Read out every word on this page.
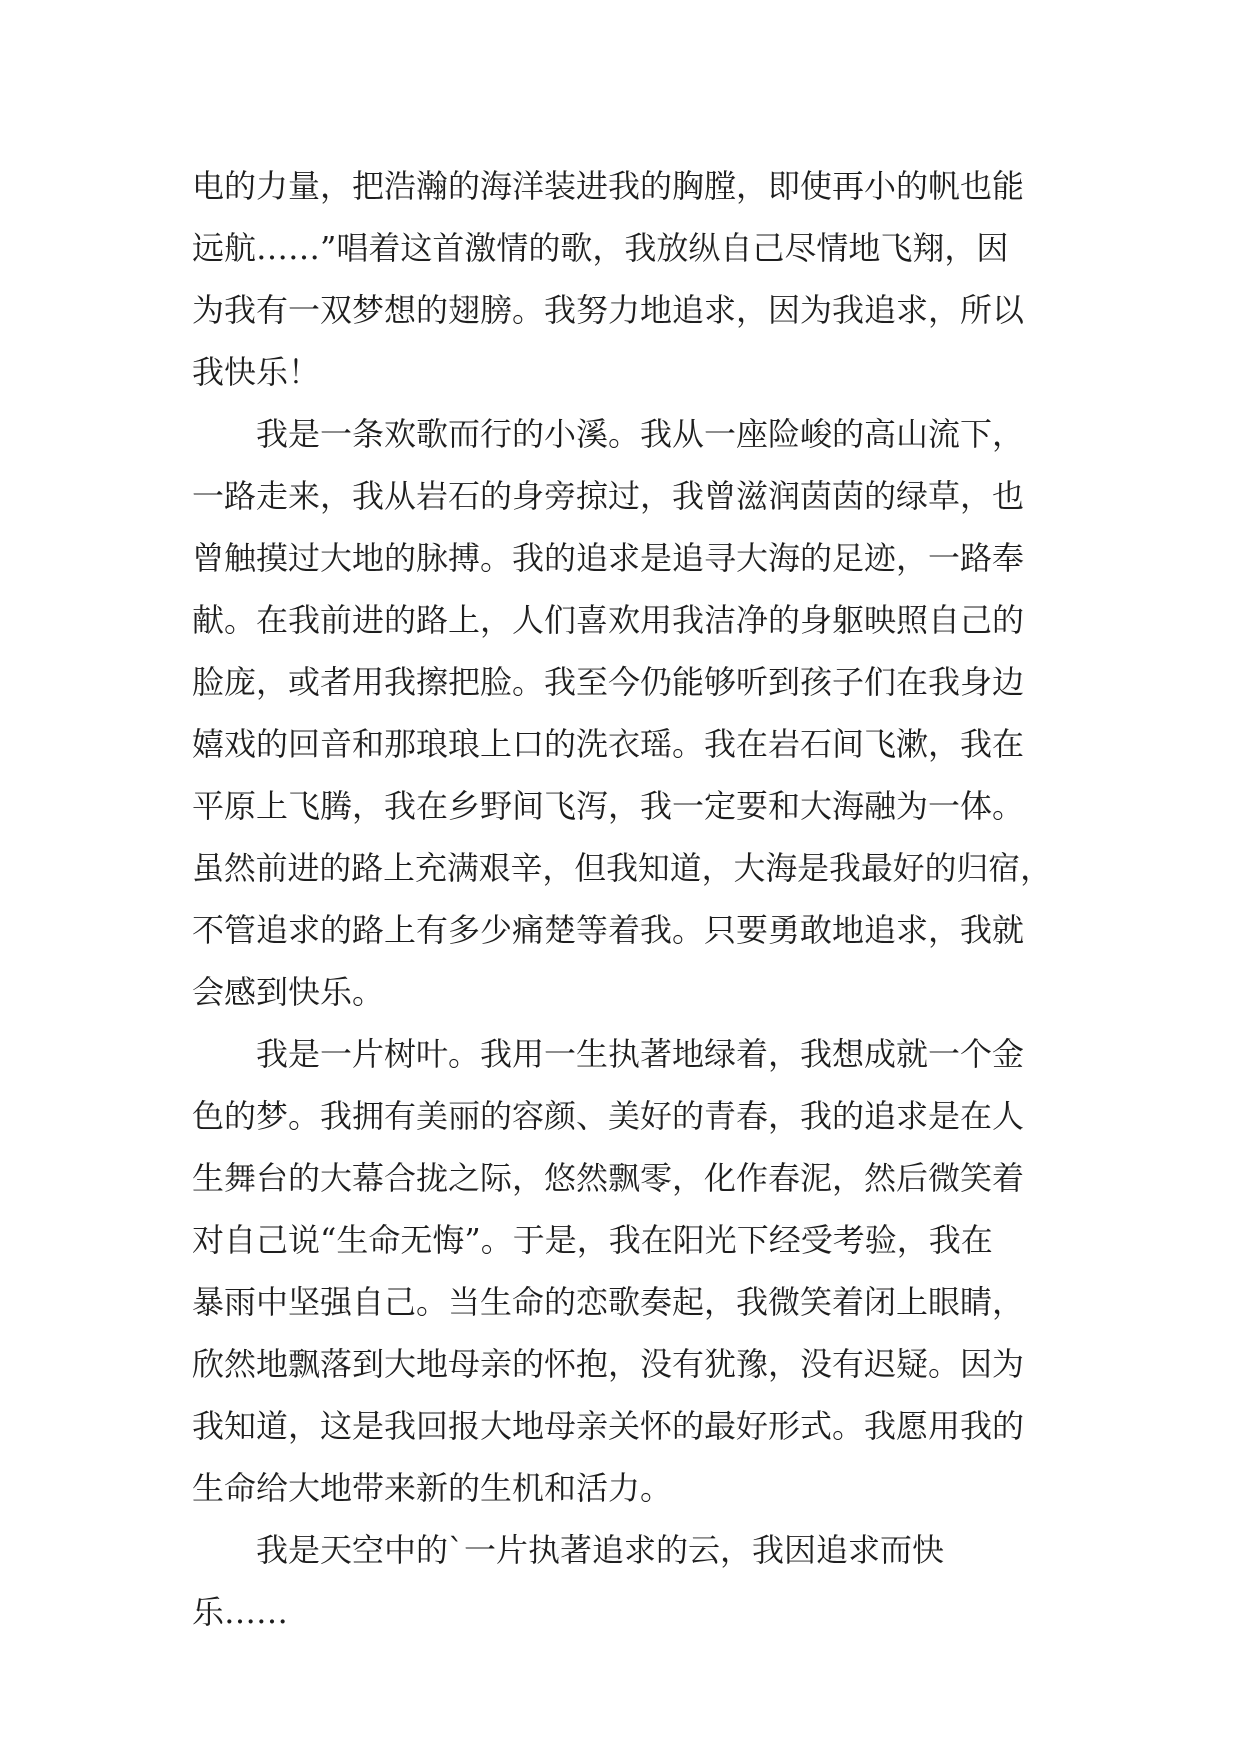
电的力量，把浩瀚的海洋装进我的胸膛，即使再小的帆也能
远航……”唱着这首激情的歌，我放纵自己尽情地飞翔，因
为我有一双梦想的翅膀。我努力地追求，因为我追求，所以
我快乐！
　　我是一条欢歌而行的小溪。我从一座险峻的高山流下，
一路走来，我从岩石的身旁掠过，我曾滋润茵茵的绿草，也
曾触摸过大地的脉搏。我的追求是追寻大海的足迹，一路奉
献。在我前进的路上，人们喜欢用我洁净的身躯映照自己的
脸庞，或者用我擦把脸。我至今仍能够听到孩子们在我身边
嬉戏的回音和那琅琅上口的洗衣瑶。我在岩石间飞漱，我在
平原上飞腾，我在乡野间飞泻，我一定要和大海融为一体。
虽然前进的路上充满艰辛，但我知道，大海是我最好的归宿，
不管追求的路上有多少痛楚等着我。只要勇敢地追求，我就
会感到快乐。
　　我是一片树叶。我用一生执著地绿着，我想成就一个金
色的梦。我拥有美丽的容颜、美好的青春，我的追求是在人
生舞台的大幕合拢之际，悠然飘零，化作春泥，然后微笑着
对自己说“生命无悔”。于是，我在阳光下经受考验，我在
暴雨中坚强自己。当生命的恋歌奏起，我微笑着闭上眼睛，
欣然地飘落到大地母亲的怀抱，没有犹豫，没有迟疑。因为
我知道，这是我回报大地母亲关怀的最好形式。我愿用我的
生命给大地带来新的生机和活力。
　　我是天空中的`一片执著追求的云，我因追求而快
乐……
